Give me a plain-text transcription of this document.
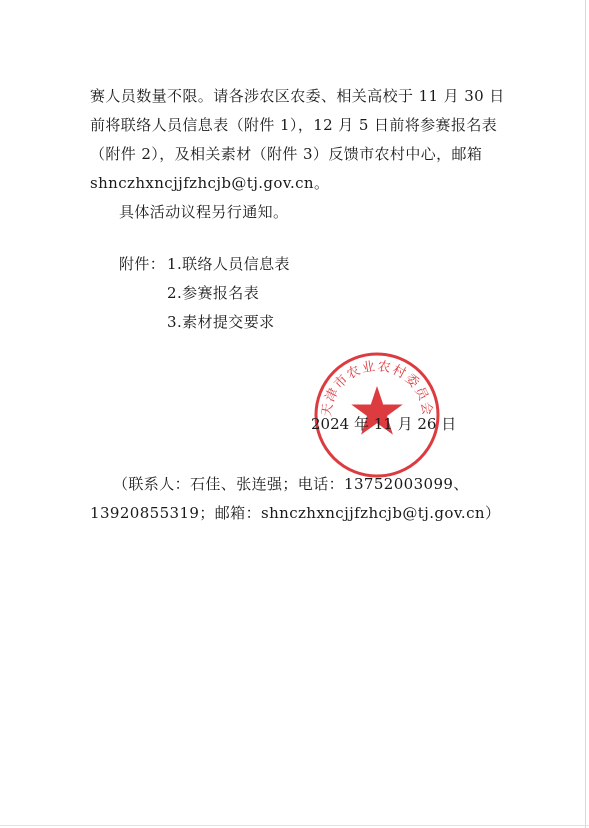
赛人员数量不限。请各涉农区农委、相关高校于 11 月 30 日
前将联络人员信息表（附件 1），12 月 5 日前将参赛报名表
（附件 2），及相关素材（附件 3）反馈市农村中心，邮箱
shnczhxncjjfzhcjb@tj.gov.cn。
具体活动议程另行通知。
附件： 1.联络人员信息表
2.参赛报名表
3.素材提交要求
天津市农业农村委员会
2024 年 11 月 26 日
（联系人：石佳、张连强；电话：13752003099、
13920855319；邮箱：shnczhxncjjfzhcjb@tj.gov.cn）
